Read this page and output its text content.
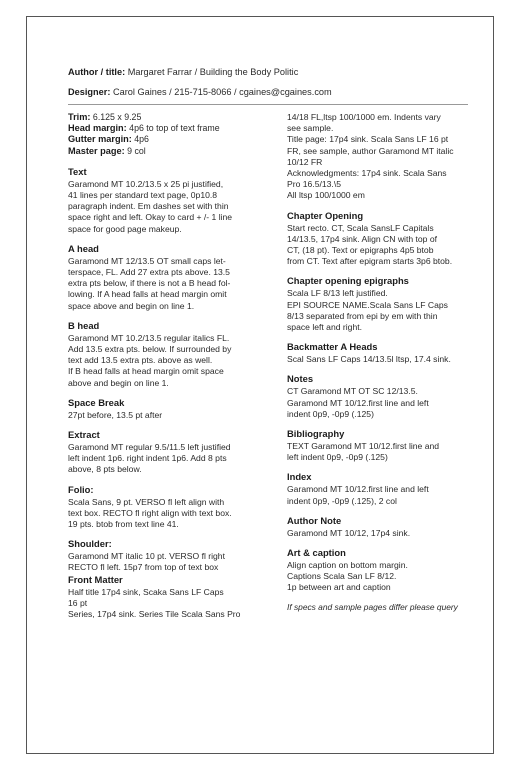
Author / title: Margaret Farrar / Building the Body Politic
Designer: Carol Gaines / 215-715-8066 / cgaines@cgaines.com
Trim: 6.125 x 9.25
Head margin: 4p6 to top of text frame
Gutter margin: 4p6
Master page: 9 col
Text
Garamond MT 10.2/13.5 x 25 pi justified,
41 lines per standard text page, 0p10.8
paragraph indent. Em dashes set with thin
space right and left. Okay to card + /- 1 line
space for good page makeup.
A head
Garamond MT 12/13.5 OT small caps let-
terspace, FL. Add 27 extra pts above. 13.5
extra pts below, if there is not a B head fol-
lowing. If A head falls at head margin omit
space above and begin on line 1.
B head
Garamond MT 10.2/13.5 regular italics FL.
Add 13.5 extra pts. below. If surrounded by
text add 13.5 extra pts. above as well.
If B head falls at head margin omit space
above and begin on line 1.
Space Break
27pt before, 13.5 pt after
Extract
Garamond MT regular 9.5/11.5 left justified
left indent 1p6. right indent 1p6. Add 8 pts
above, 8 pts below.
Folio:
Scala Sans, 9 pt. VERSO fl left align with
text box. RECTO fl right align with text box.
19 pts. btob from text line 41.
Shoulder:
Garamond MT italic 10 pt. VERSO fl right
RECTO fl left. 15p7 from top of text box
Front Matter
Half title 17p4 sink, Scaka Sans LF Caps
16 pt
Series, 17p4 sink. Series Tile Scala Sans Pro
14/18 FL,ltsp 100/1000 em. Indents vary
see sample.
Title page: 17p4 sink. Scala Sans LF 16 pt
FR, see sample, author Garamond MT italic
10/12 FR
Acknowledgments: 17p4 sink. Scala Sans
Pro 16.5/13.\5
All ltsp 100/1000 em
Chapter Opening
Start recto. CT, Scala SansLF Capitals
14/13.5, 17p4 sink. Align CN with top of
CT, (18 pt). Text or epigraphs 4p5 btob
from CT. Text after epigram starts 3p6 btob.
Chapter opening epigraphs
Scala LF 8/13 left justified.
EPI SOURCE NAME.Scala Sans LF Caps
8/13 separated from epi by em with thin
space left and right.
Backmatter A Heads
Scal Sans LF Caps 14/13.5l ltsp, 17.4 sink.
Notes
CT Garamond MT OT SC 12/13.5.
Garamond MT 10/12.first line and left
indent 0p9, -0p9 (.125)
Bibliography
TEXT Garamond MT 10/12.first line and
left indent 0p9, -0p9 (.125)
Index
Garamond MT 10/12.first line and left
indent 0p9, -0p9 (.125), 2 col
Author Note
Garamond MT 10/12, 17p4 sink.
Art & caption
Align caption on bottom margin.
Captions Scala San LF 8/12.
1p between art and caption
If specs and sample pages differ please query
